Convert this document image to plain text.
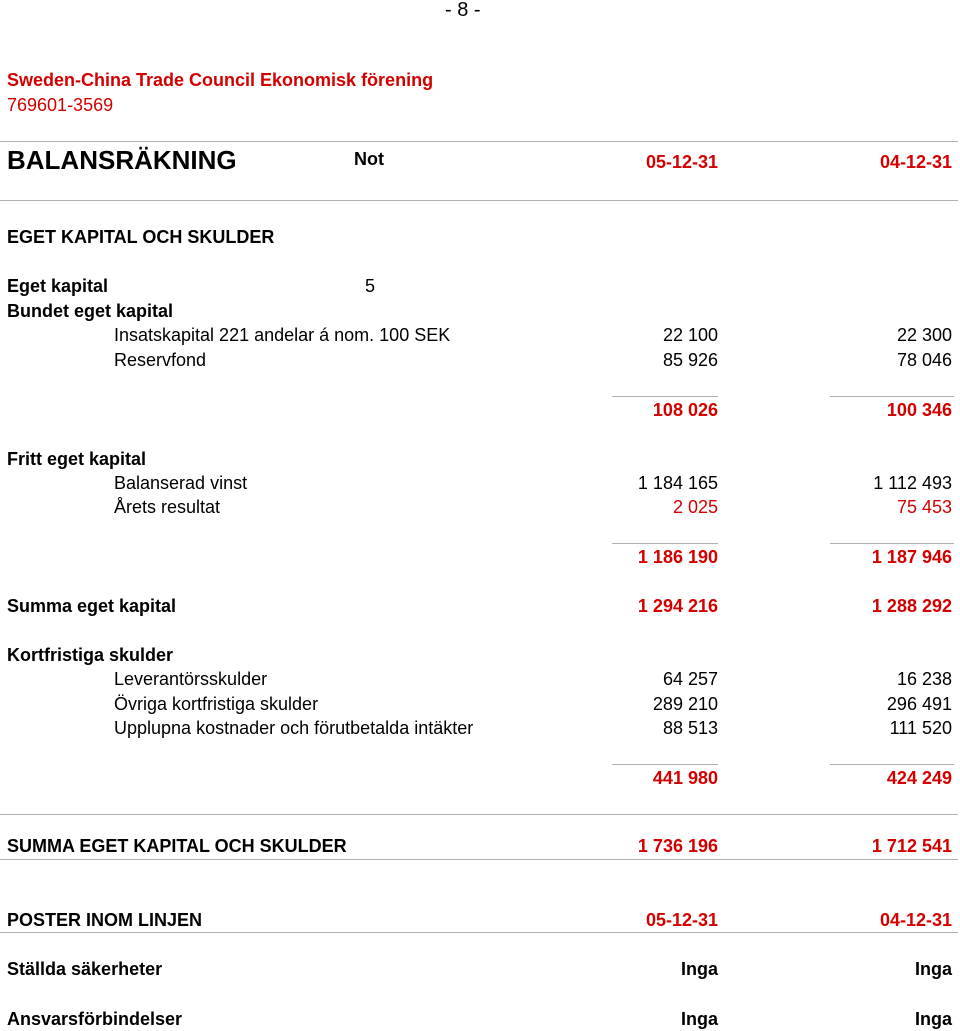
- 8 -
Sweden-China Trade Council Ekonomisk förening
769601-3569
BALANSRÄKNING	Not	05-12-31	04-12-31
EGET KAPITAL OCH SKULDER
Eget kapital	5
Bundet eget kapital
Insatskapital 221 andelar á nom. 100 SEK	22 100	22 300
Reservfond	85 926	78 046
108 026	100 346
Fritt eget kapital
Balanserad vinst	1 184 165	1 112 493
Årets resultat	2 025	75 453
1 186 190	1 187 946
Summa eget kapital	1 294 216	1 288 292
Kortfristiga skulder
Leverantörsskulder	64 257	16 238
Övriga kortfristiga skulder	289 210	296 491
Upplupna kostnader och förutbetalda intäkter	88 513	111 520
441 980	424 249
SUMMA EGET KAPITAL OCH SKULDER	1 736 196	1 712 541
POSTER INOM LINJEN	05-12-31	04-12-31
Ställda säkerheter	Inga	Inga
Ansvarsförbindelser	Inga	Inga
